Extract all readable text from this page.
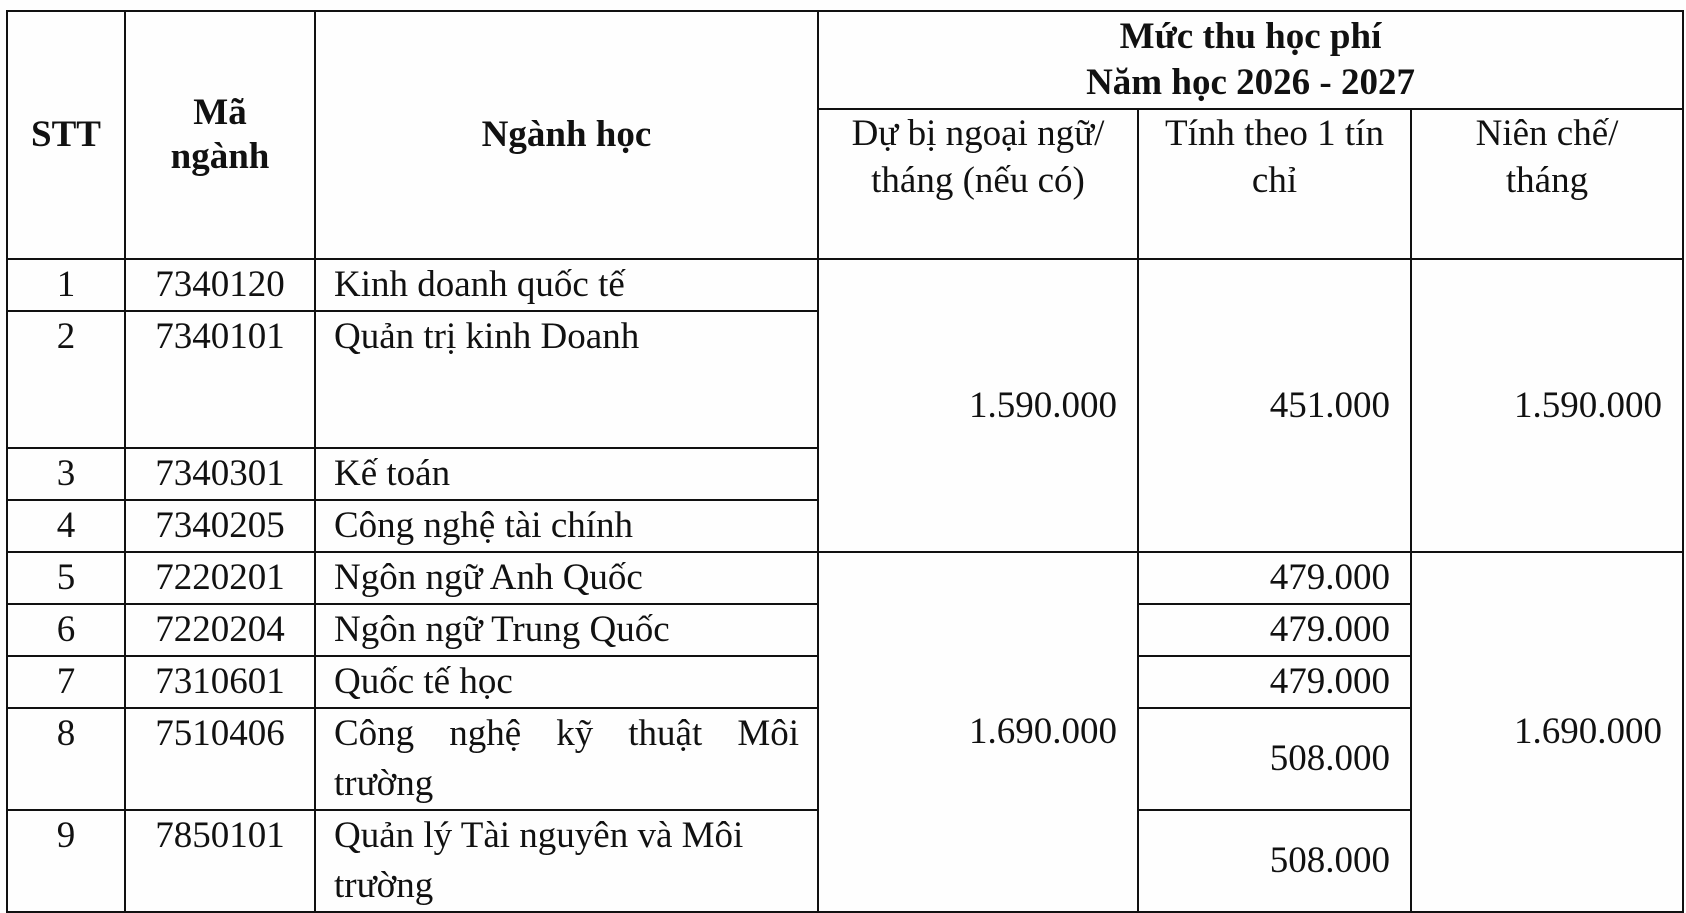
STT	Mã ngành	Ngành học	Mức thu học phí
Năm học 2026 - 2027		

			Dự bị ngoại ngữ/ tháng (nếu có)	Tính theo 1 tín chỉ	Niên chế/ tháng
1	7340120	Kinh doanh quốc tế	1.590.000	451.000	1.590.000
2	7340101	Quản trị kinh Doanh			
3	7340301	Kế toán			
4	7340205	Công nghệ tài chính			
5	7220201	Ngôn ngữ Anh Quốc	1.690.000	479.000	1.690.000
6	7220204	Ngôn ngữ Trung Quốc		479.000	
7	7310601	Quốc tế học		479.000	
8	7510406	Công nghệ kỹ thuật Môi trường		508.000	
9	7850101	Quản lý Tài nguyên và Môi trường		508.000	
